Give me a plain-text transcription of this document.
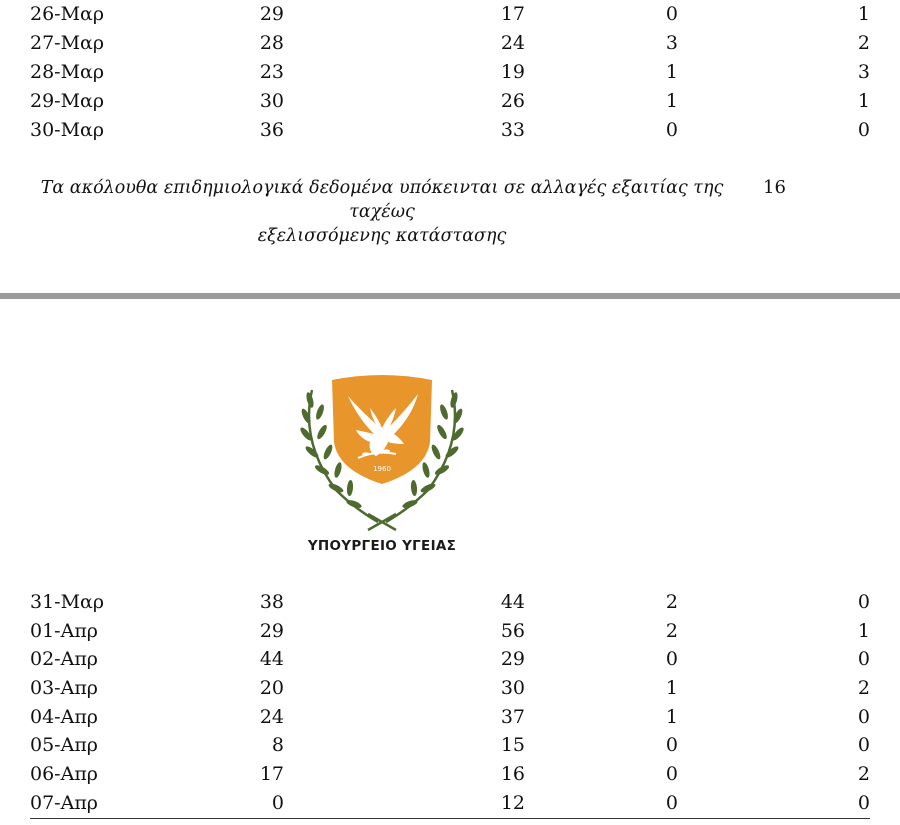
26-Μαρ	29	17	0	1
27-Μαρ	28	24	3	2
28-Μαρ	23	19	1	3
29-Μαρ	30	26	1	1
30-Μαρ	36	33	0	0
Τα ακόλουθα επιδημιολογικά δεδομένα υπόκεινται σε αλλαγές εξαιτίας της ταχέως
εξελισσόμενης κατάστασης
16
1960
ΥΠΟΥΡΓΕΙΟ ΥΓΕΙΑΣ
31-Μαρ	38	44	2	0
01-Απρ	29	56	2	1
02-Απρ	44	29	0	0
03-Απρ	20	30	1	2
04-Απρ	24	37	1	0
05-Απρ	8	15	0	0
06-Απρ	17	16	0	2
07-Απρ	0	12	0	0
